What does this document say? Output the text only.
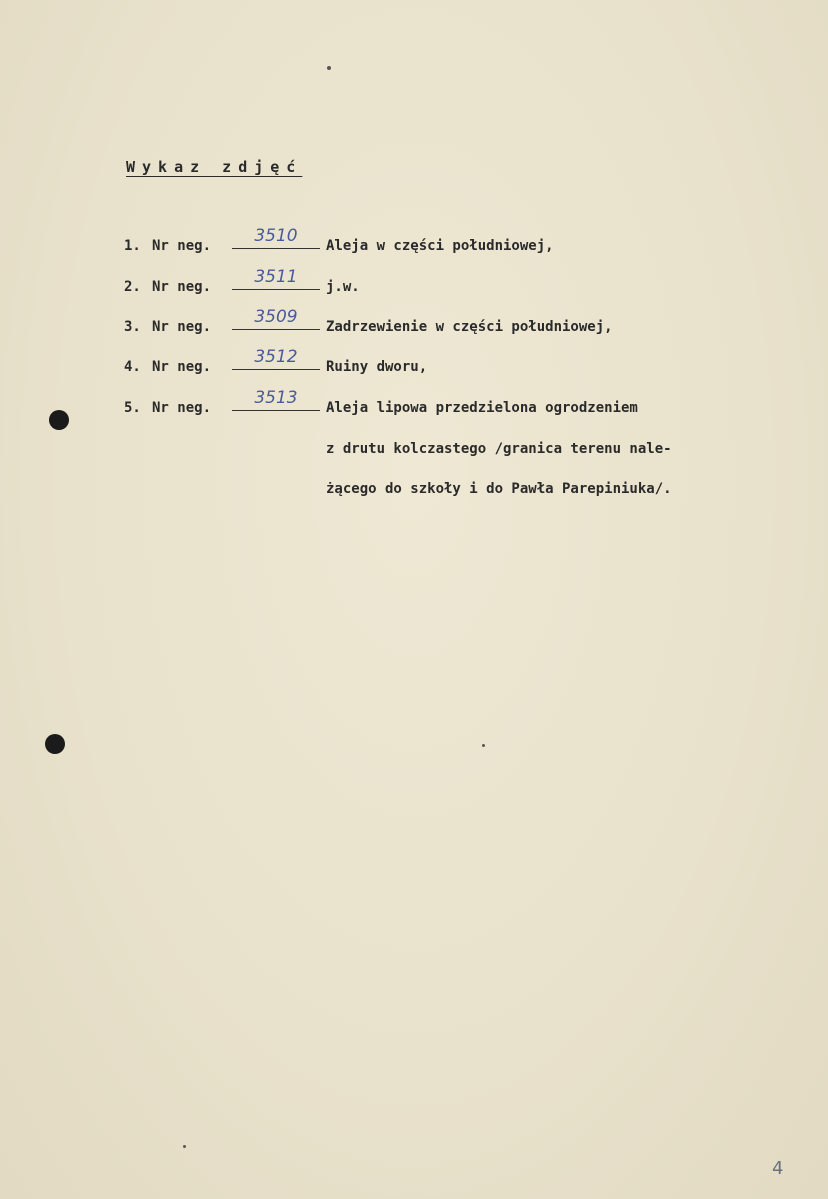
Wykaz zdjęć
1. Nr neg.	3510	Aleja w części południowej,
2. Nr neg.	3511	j.w.
3. Nr neg.	3509	Zadrzewienie w części południowej,
4. Nr neg.	3512	Ruiny dworu,
5. Nr neg.	3513	Aleja lipowa przedzielona ogrodzeniem
z drutu kolczastego /granica terenu nale-
żącego do szkoły i do Pawła Parepiniuka/.
4
